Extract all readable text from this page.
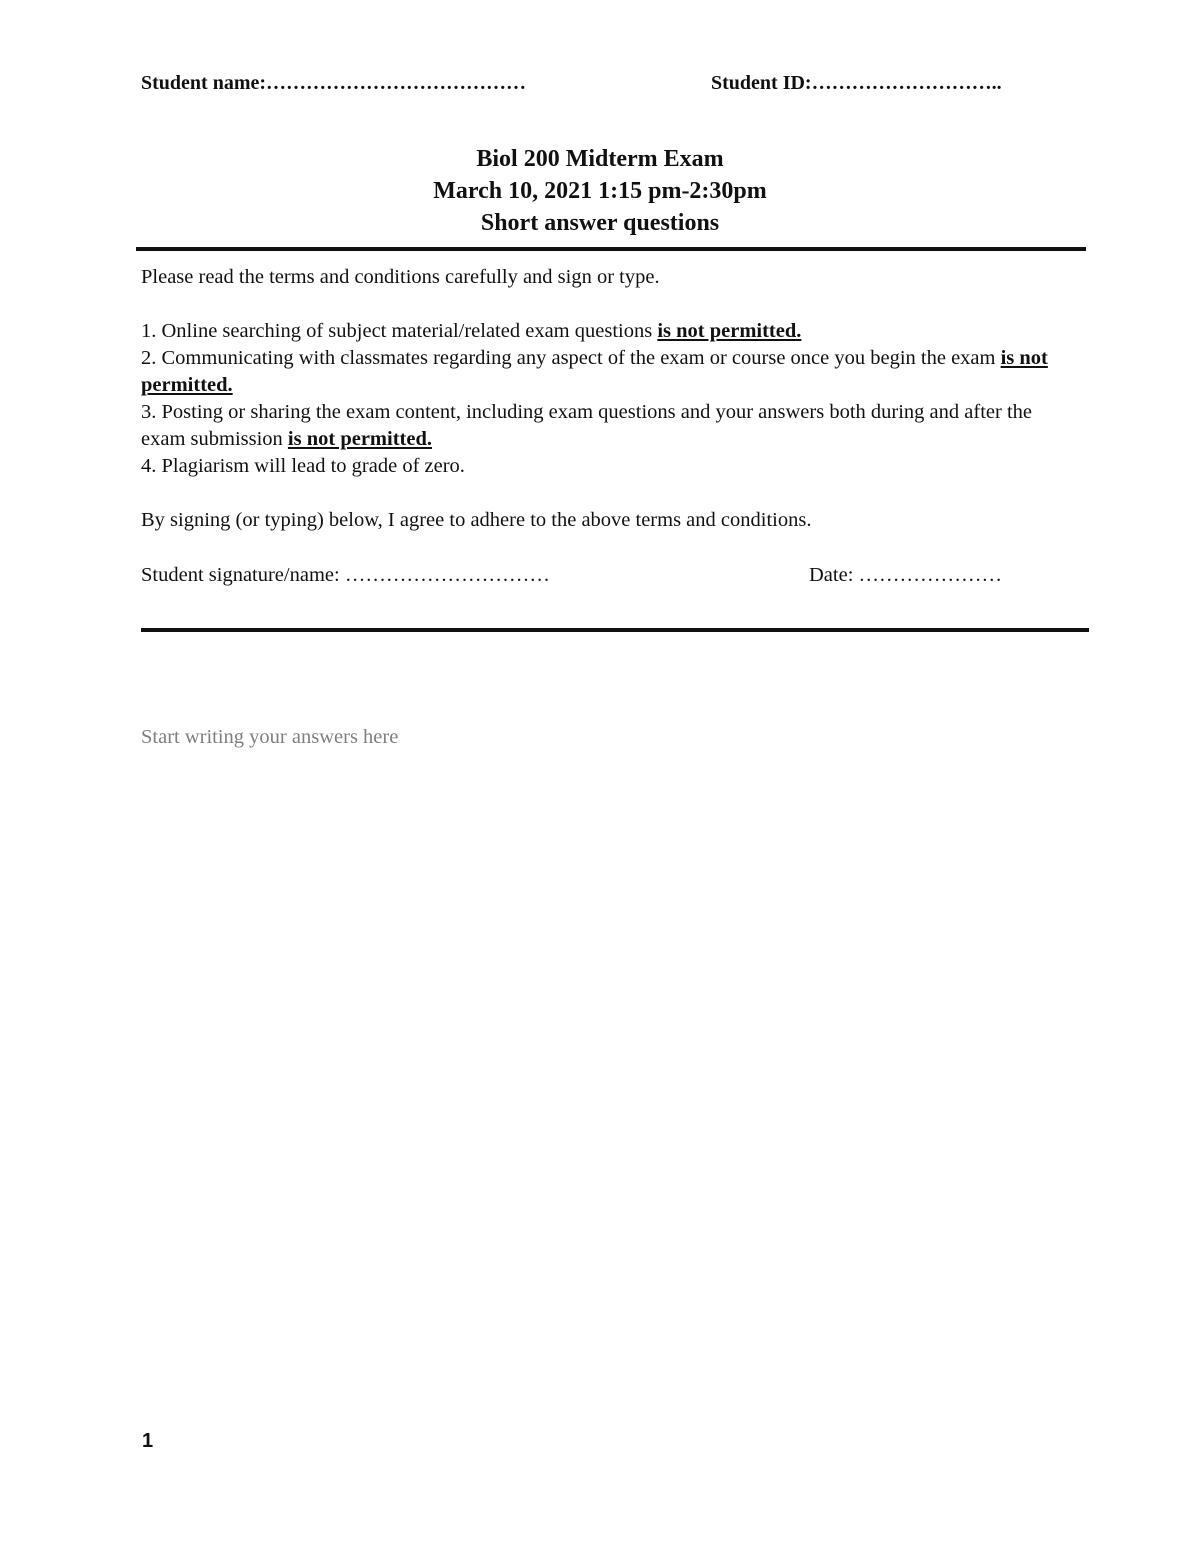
Student name:…………………………………	Student ID:………………………..
Biol 200 Midterm Exam
March 10, 2021 1:15 pm-2:30pm
Short answer questions

Please read the terms and conditions carefully and sign or type.

1. Online searching of subject material/related exam questions is not permitted.

2. Communicating with classmates regarding any aspect of the exam or course once you begin the exam is not permitted.

3. Posting or sharing the exam content, including exam questions and your answers both during and after the exam submission is not permitted.

4. Plagiarism will lead to grade of zero.

By signing (or typing) below, I agree to adhere to the above terms and conditions.

Student signature/name: …………………………	Date: …………………
Start writing your answers here
1
